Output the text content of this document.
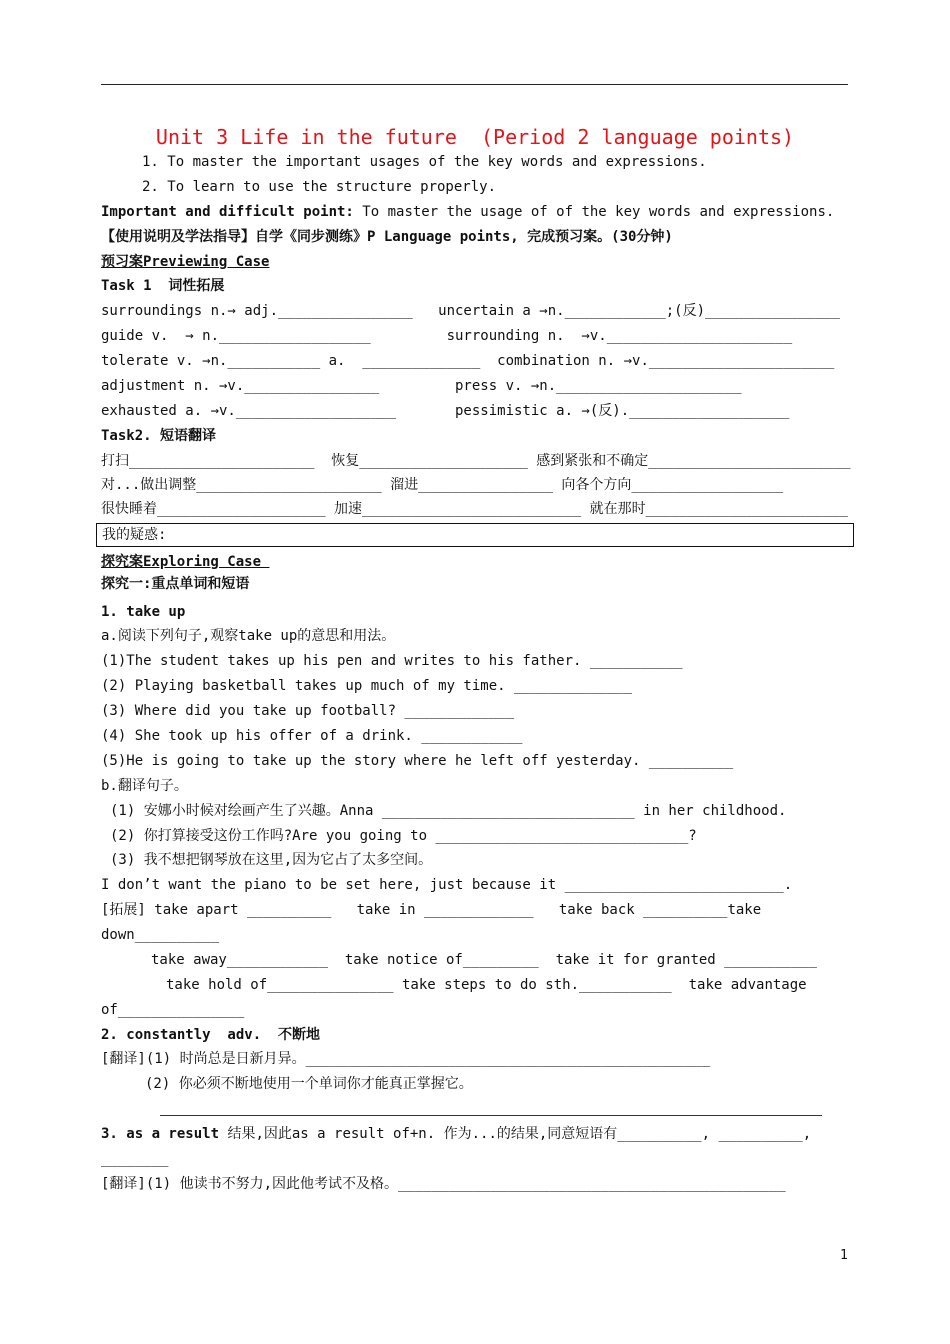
Unit 3 Life in the future  (Period 2 language points)
1. To master the important usages of the key words and expressions.
2. To learn to use the structure properly.
Important and difficult point: To master the usage of of the key words and expressions.
【使用说明及学法指导】自学《同步测练》P Language points, 完成预习案。(30分钟)
预习案Previewing Case
Task 1  词性拓展
surroundings n.→ adj.________________   uncertain a →n.____________;(反)________________
guide v.  → n.__________________         surrounding n.  →v.______________________
tolerate v. →n.___________ a.  ______________  combination n. →v.______________________
adjustment n. →v.________________         press v. →n.______________________
exhausted a. →v.___________________       pessimistic a. →(反).___________________
Task2. 短语翻译
打扫______________________  恢复____________________ 感到紧张和不确定________________________
对...做出调整______________________ 溜进________________ 向各个方向__________________
很快睡着____________________ 加速__________________________ 就在那时________________________
我的疑惑:
探究案Exploring Case
探究一:重点单词和短语
1. take up
a.阅读下列句子,观察take up的意思和用法。
(1)The student takes up his pen and writes to his father. ___________
(2) Playing basketball takes up much of my time. ______________
(3) Where did you take up football? _____________
(4) She took up his offer of a drink. ____________
(5)He is going to take up the story where he left off yesterday. __________
b.翻译句子。
(1) 安娜小时候对绘画产生了兴趣。Anna ______________________________ in her childhood.
(2) 你打算接受这份工作吗?Are you going to ______________________________?
(3) 我不想把钢琴放在这里,因为它占了太多空间。
I don’t want the piano to be set here, just because it __________________________.
[拓展] take apart __________   take in _____________   take back __________take
down__________
take away____________  take notice of_________  take it for granted ___________
take hold of_______________ take steps to do sth.___________  take advantage
of_______________
2. constantly  adv.  不断地
[翻译](1) 时尚总是日新月异。________________________________________________
(2) 你必须不断地使用一个单词你才能真正掌握它。
3. as a result 结果,因此as a result of+n. 作为...的结果,同意短语有__________, __________,
________
[翻译](1) 他读书不努力,因此他考试不及格。______________________________________________
1
